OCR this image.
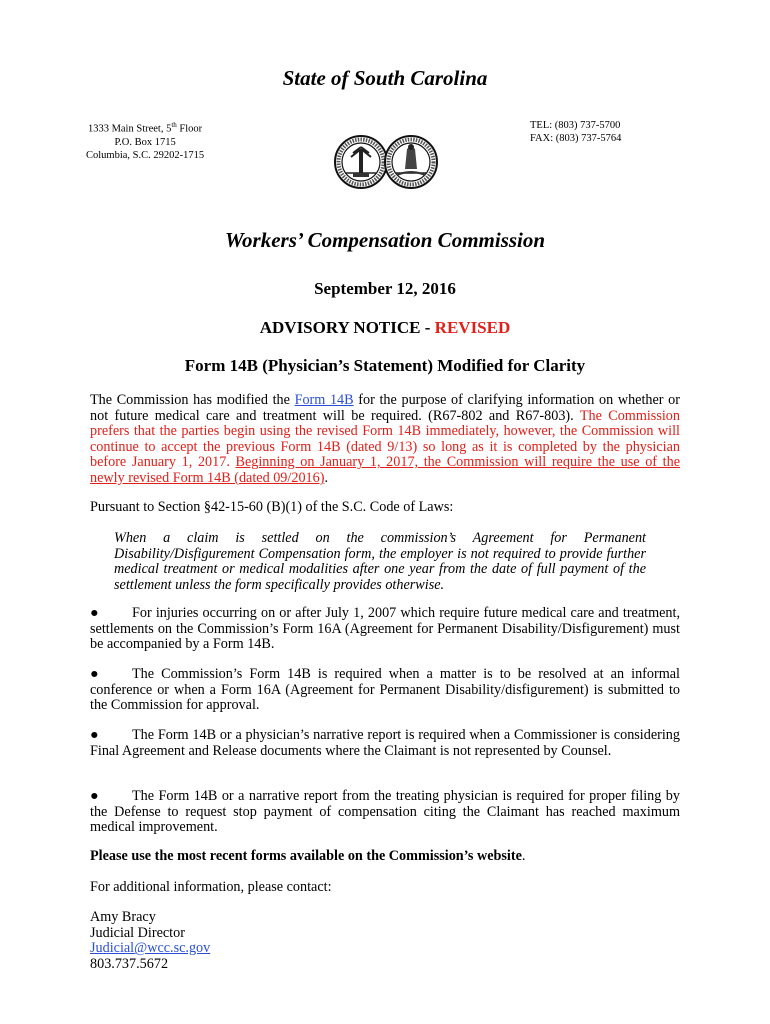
State of South Carolina
1333 Main Street, 5th Floor
P.O. Box 1715
Columbia, S.C. 29202-1715
TEL: (803) 737-5700
FAX: (803) 737-5764
Workers’ Compensation Commission
September 12, 2016
ADVISORY NOTICE - REVISED
Form 14B (Physician’s Statement) Modified for Clarity
The Commission has modified the Form 14B for the purpose of clarifying information on whether or not future medical care and treatment will be required. (R67-802 and R67-803). The Commission prefers that the parties begin using the revised Form 14B immediately, however, the Commission will continue to accept the previous Form 14B (dated 9/13) so long as it is completed by the physician before January 1, 2017. Beginning on January 1, 2017, the Commission will require the use of the newly revised Form 14B (dated 09/2016).
Pursuant to Section §42-15-60 (B)(1) of the S.C. Code of Laws:
When a claim is settled on the commission’s Agreement for Permanent Disability/Disfigurement Compensation form, the employer is not required to provide further medical treatment or medical modalities after one year from the date of full payment of the settlement unless the form specifically provides otherwise.
● For injuries occurring on or after July 1, 2007 which require future medical care and treatment, settlements on the Commission’s Form 16A (Agreement for Permanent Disability/Disfigurement) must be accompanied by a Form 14B.
● The Commission’s Form 14B is required when a matter is to be resolved at an informal conference or when a Form 16A (Agreement for Permanent Disability/disfigurement) is submitted to the Commission for approval.
● The Form 14B or a physician’s narrative report is required when a Commissioner is considering Final Agreement and Release documents where the Claimant is not represented by Counsel.
● The Form 14B or a narrative report from the treating physician is required for proper filing by the Defense to request stop payment of compensation citing the Claimant has reached maximum medical improvement.
Please use the most recent forms available on the Commission’s website.
For additional information, please contact:
Amy Bracy
Judicial Director
Judicial@wcc.sc.gov
803.737.5672
